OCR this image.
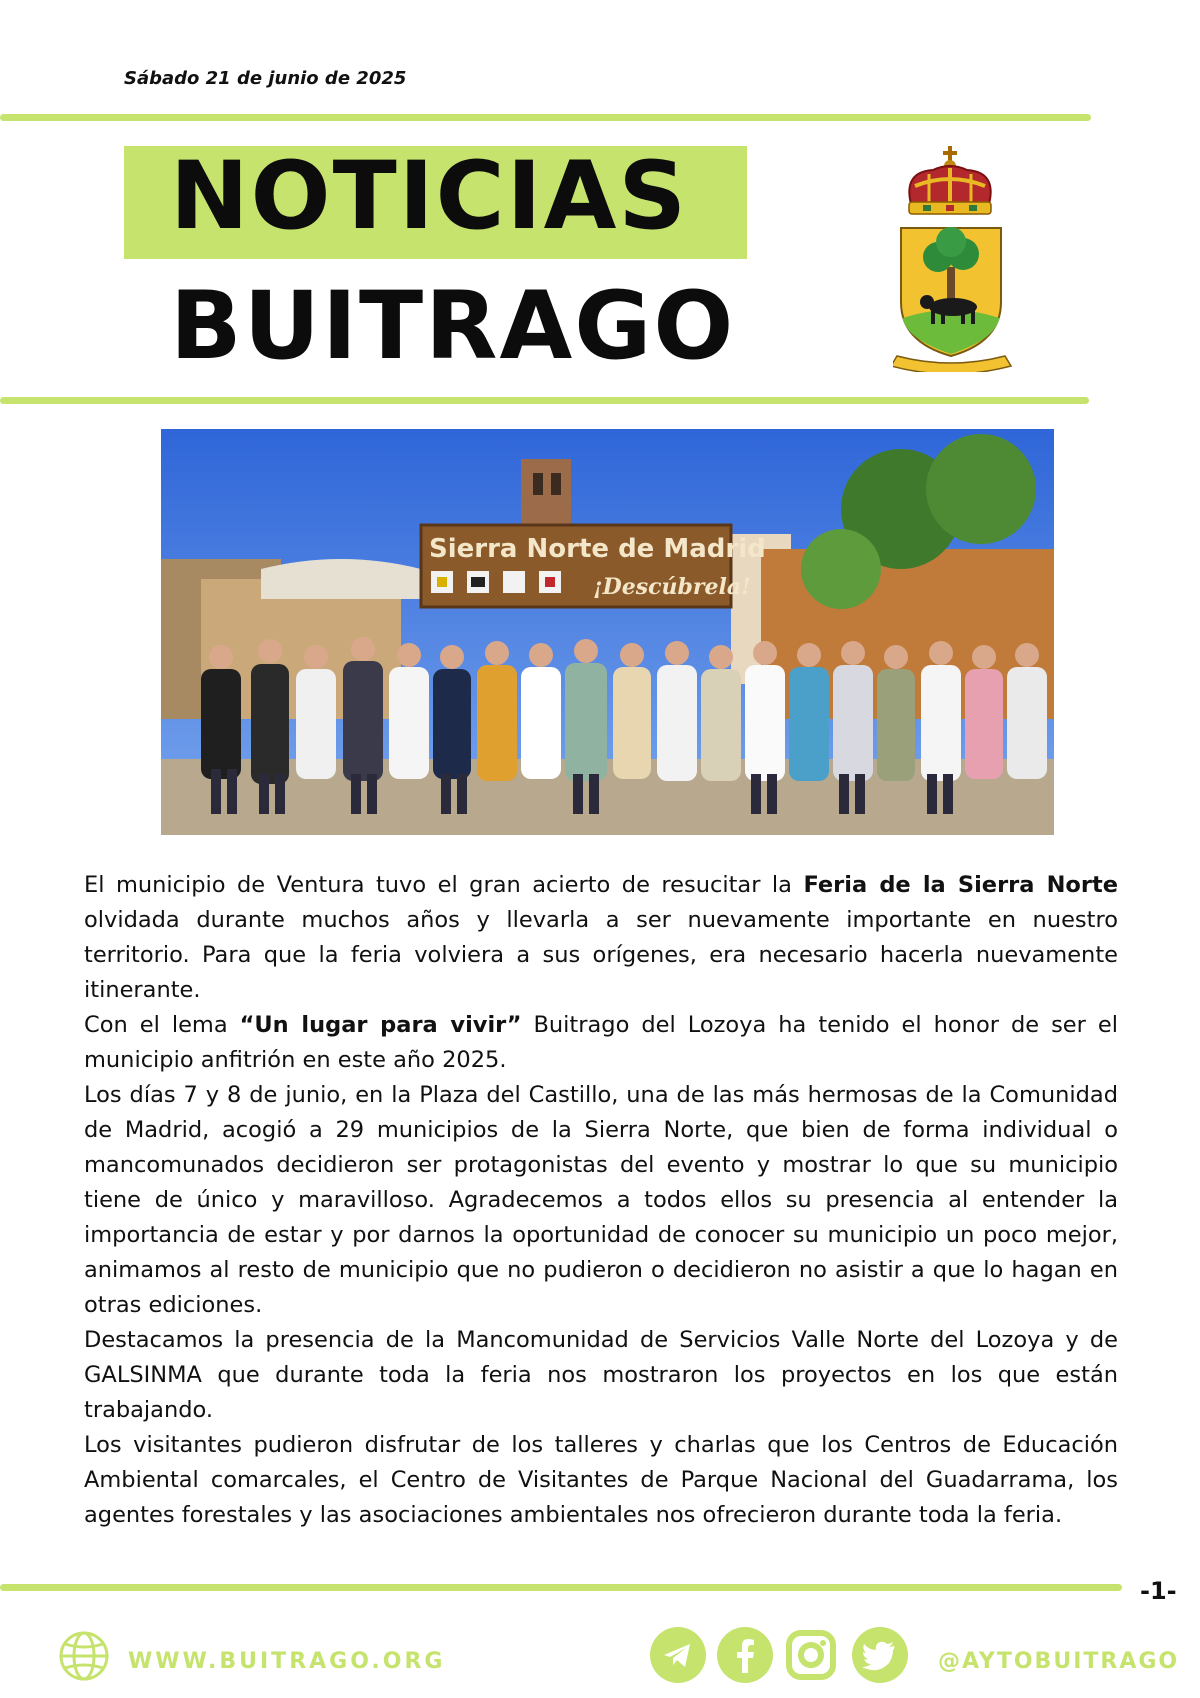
Sábado 21 de junio de 2025
NOTICIAS
BUITRAGO
Sierra Norte de Madrid
¡Descúbrela!

El municipio de Ventura tuvo el gran acierto de resucitar la Feria de la Sierra Norte olvidada durante muchos años y llevarla a ser nuevamente importante en nuestro territorio. Para que la feria volviera a sus orígenes, era necesario hacerla nuevamente itinerante.

Con el lema “Un lugar para vivir” Buitrago del Lozoya ha tenido el honor de ser el municipio anfitrión en este año 2025.

Los días 7 y 8 de junio, en la Plaza del Castillo, una de las más hermosas de la Comunidad de Madrid, acogió a 29 municipios de la Sierra Norte, que bien de forma individual o mancomunados decidieron ser protagonistas del evento y mostrar lo que su municipio tiene de único y maravilloso. Agradecemos a todos ellos su presencia al entender la importancia de estar y por darnos la oportunidad de conocer su municipio un poco mejor, animamos al resto de municipio que no pudieron o decidieron no asistir a que lo hagan en otras ediciones.

Destacamos la presencia de la Mancomunidad de Servicios Valle Norte del Lozoya y de GALSINMA que durante toda la feria nos mostraron los proyectos en los que están trabajando.

Los visitantes pudieron disfrutar de los talleres y charlas que los Centros de Educación Ambiental comarcales, el Centro de Visitantes de Parque Nacional del Guadarrama, los agentes forestales y las asociaciones ambientales nos ofrecieron durante toda la feria.

-1-
WWW.BUITRAGO.ORG	@AYTOBUITRAGO
